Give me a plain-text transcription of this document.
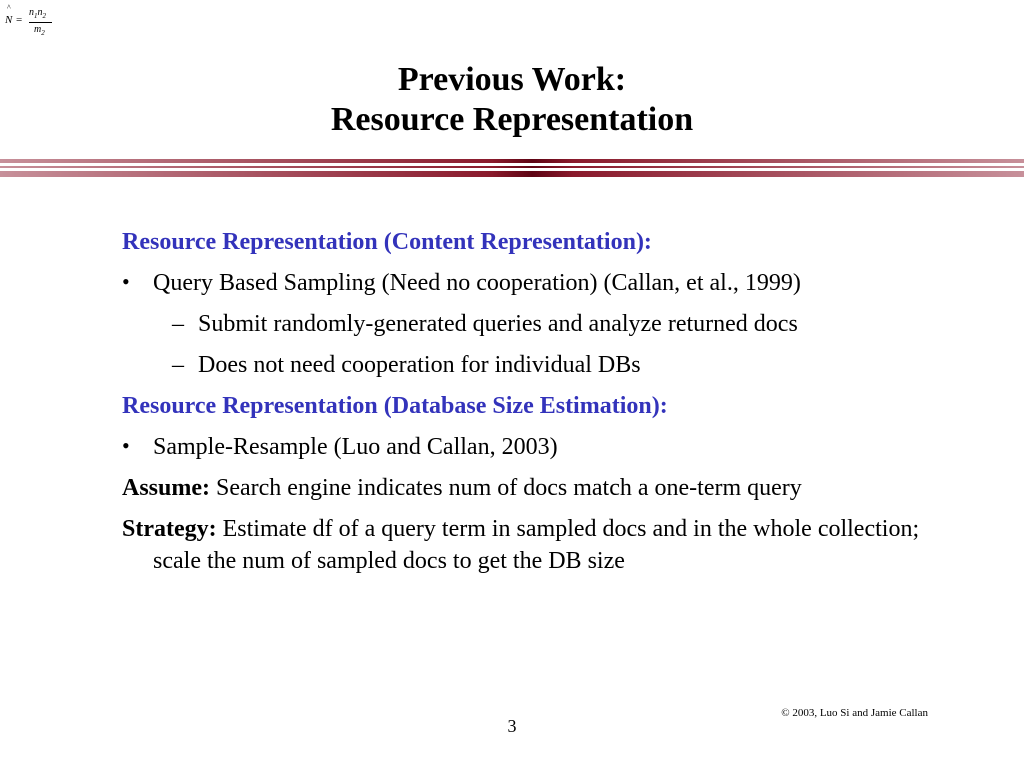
^
N =
$n_1n_2$
$m_2$
Previous Work:
Resource Representation
Resource Representation (Content Representation):
• Query Based Sampling (Need no cooperation) (Callan, et al., 1999)
– Submit randomly-generated queries and analyze returned docs
– Does not need cooperation for individual DBs
Resource Representation (Database Size Estimation):
• Sample-Resample (Luo and Callan, 2003)
Assume: Search engine indicates num of docs match a one-term query
Strategy: Estimate df of a query term in sampled docs and in the whole collection; scale the num of sampled docs to get the DB size
© 2003, Luo Si and Jamie Callan
3
